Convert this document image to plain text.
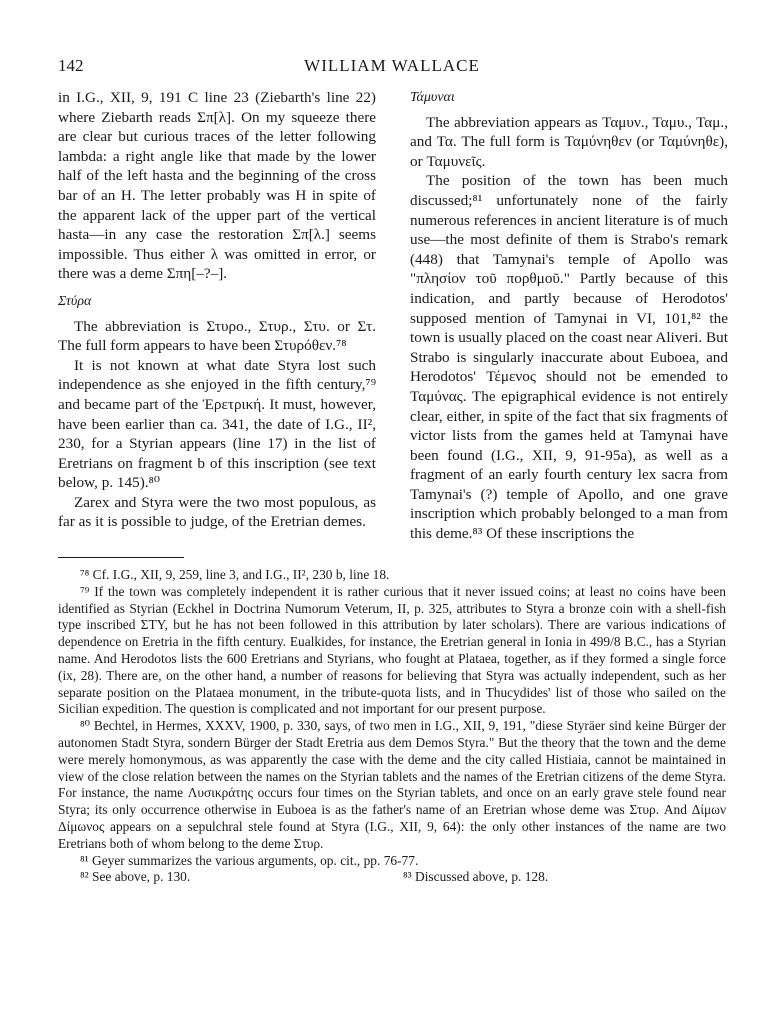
142	WILLIAM WALLACE

in I.G., XII, 9, 191 C line 23 (Ziebarth's line 22) where Ziebarth reads Σπ[λ]. On my squeeze there are clear but curious traces of the letter following lambda: a right angle like that made by the lower half of the left hasta and the beginning of the cross bar of an H. The letter probably was H in spite of the apparent lack of the upper part of the vertical hasta—in any case the restoration Σπ[λ.] seems impossible. Thus either λ was omitted in error, or there was a deme Σπη[–?–].

Στύρα

The abbreviation is Στυρο., Στυρ., Στυ. or Στ. The full form appears to have been Στυρόθεν.⁷⁸

It is not known at what date Styra lost such independence as she enjoyed in the fifth century,⁷⁹ and became part of the Ἐρετρική. It must, however, have been earlier than ca. 341, the date of I.G., II², 230, for a Styrian appears (line 17) in the list of Eretrians on fragment b of this inscription (see text below, p. 145).⁸⁰

Zarex and Styra were the two most populous, as far as it is possible to judge, of the Eretrian demes.

Τάμυναι

The abbreviation appears as Ταμυν., Ταμυ., Ταμ., and Τα. The full form is Ταμύνηθεν (or Ταμύνηθε), or Ταμυνεῖς.

The position of the town has been much discussed;⁸¹ unfortunately none of the fairly numerous references in ancient literature is of much use—the most definite of them is Strabo's remark (448) that Tamynai's temple of Apollo was "πλησίον τοῦ πορθμοῦ." Partly because of this indication, and partly because of Herodotos' supposed mention of Tamynai in VI, 101,⁸² the town is usually placed on the coast near Aliveri. But Strabo is singularly inaccurate about Euboea, and Herodotos' Τέμενος should not be emended to Ταμύνας. The epigraphical evidence is not entirely clear, either, in spite of the fact that six fragments of victor lists from the games held at Tamynai have been found (I.G., XII, 9, 91-95a), as well as a fragment of an early fourth century lex sacra from Tamynai's (?) temple of Apollo, and one grave inscription which probably belonged to a man from this deme.⁸³ Of these inscriptions the

⁷⁸ Cf. I.G., XII, 9, 259, line 3, and I.G., II², 230 b, line 18.

⁷⁹ If the town was completely independent it is rather curious that it never issued coins; at least no coins have been identified as Styrian (Eckhel in Doctrina Numorum Veterum, II, p. 325, attributes to Styra a bronze coin with a shell-fish type inscribed ΣΤΥ, but he has not been followed in this attribution by later scholars). There are various indications of dependence on Eretria in the fifth century. Eualkides, for instance, the Eretrian general in Ionia in 499/8 B.C., has a Styrian name. And Herodotos lists the 600 Eretrians and Styrians, who fought at Plataea, together, as if they formed a single force (ix, 28). There are, on the other hand, a number of reasons for believing that Styra was actually independent, such as her separate position on the Plataea monument, in the tribute-quota lists, and in Thucydides' list of those who sailed on the Sicilian expedition. The question is complicated and not important for our present purpose.

⁸⁰ Bechtel, in Hermes, XXXV, 1900, p. 330, says, of two men in I.G., XII, 9, 191, "diese Styräer sind keine Bürger der autonomen Stadt Styra, sondern Bürger der Stadt Eretria aus dem Demos Styra." But the theory that the town and the deme were merely homonymous, as was apparently the case with the deme and the city called Histiaia, cannot be maintained in view of the close relation between the names on the Styrian tablets and the names of the Eretrian citizens of the deme Styra. For instance, the name Λυσικράτης occurs four times on the Styrian tablets, and once on an early grave stele found near Styra; its only occurrence otherwise in Euboea is as the father's name of an Eretrian whose deme was Στυρ. And Δίμων Δίμωνος appears on a sepulchral stele found at Styra (I.G., XII, 9, 64): the only other instances of the name are two Eretrians both of whom belong to the deme Στυρ.

⁸¹ Geyer summarizes the various arguments, op. cit., pp. 76-77.

⁸² See above, p. 130.	⁸³ Discussed above, p. 128.
